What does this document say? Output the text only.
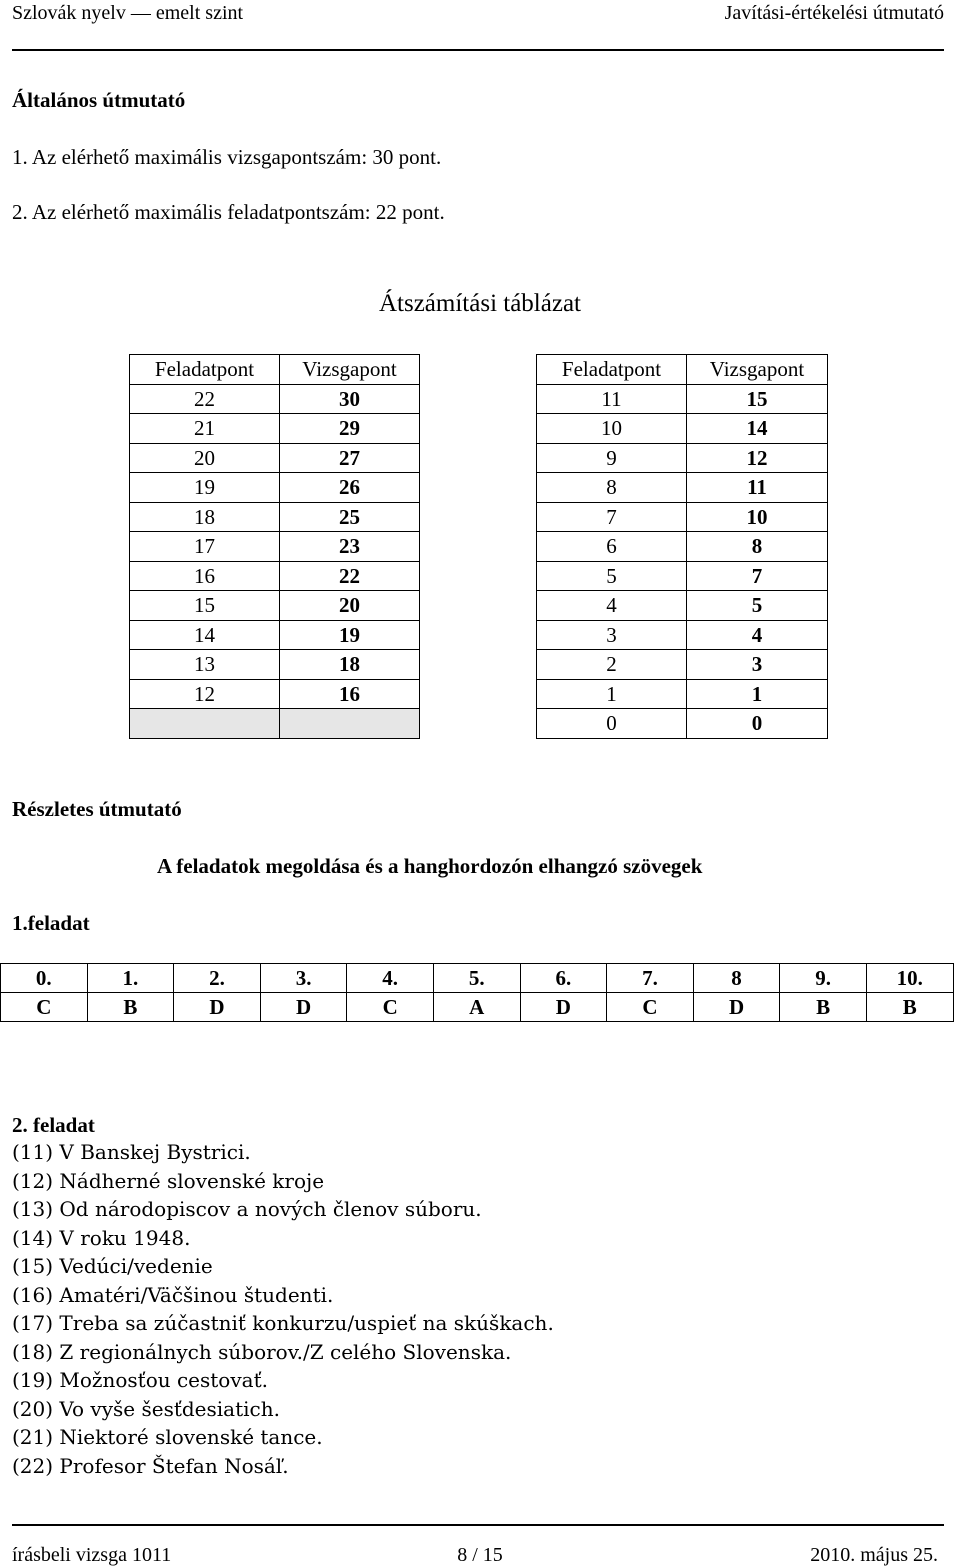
Szlovák nyelv — emelt szint	Javítási-értékelési útmutató
Általános útmutató
1. Az elérhető maximális vizsgapontszám: 30 pont.
2. Az elérhető maximális feladatpontszám: 22 pont.
Átszámítási táblázat
Feladatpont	Vizsgapont
22	30
21	29
20	27
19	26
18	25
17	23
16	22
15	20
14	19
13	18
12	16

Feladatpont	Vizsgapont
11	15
10	14
9	12
8	11
7	10
6	8
5	7
4	5
3	4
2	3
1	1
0	0
Részletes útmutató
A feladatok megoldása és a hanghordozón elhangzó szövegek
1.feladat
0.	1.	2.	3.	4.	5.	6.	7.	8	9.	10.
C	B	D	D	C	A	D	C	D	B	B
2. feladat
(11) V Banskej Bystrici.
(12) Nádherné slovenské kroje
(13) Od národopiscov a nových členov súboru.
(14) V roku 1948.
(15) Vedúci/vedenie
(16) Amatéri/Väčšinou študenti.
(17) Treba sa zúčastniť konkurzu/uspieť na skúškach.
(18) Z regionálnych súborov./Z celého Slovenska.
(19) Možnosťou cestovať.
(20) Vo vyše šesťdesiatich.
(21) Niektoré slovenské tance.
(22) Profesor Štefan Nosáľ.
írásbeli vizsga 1011	8 / 15	2010. május 25.
